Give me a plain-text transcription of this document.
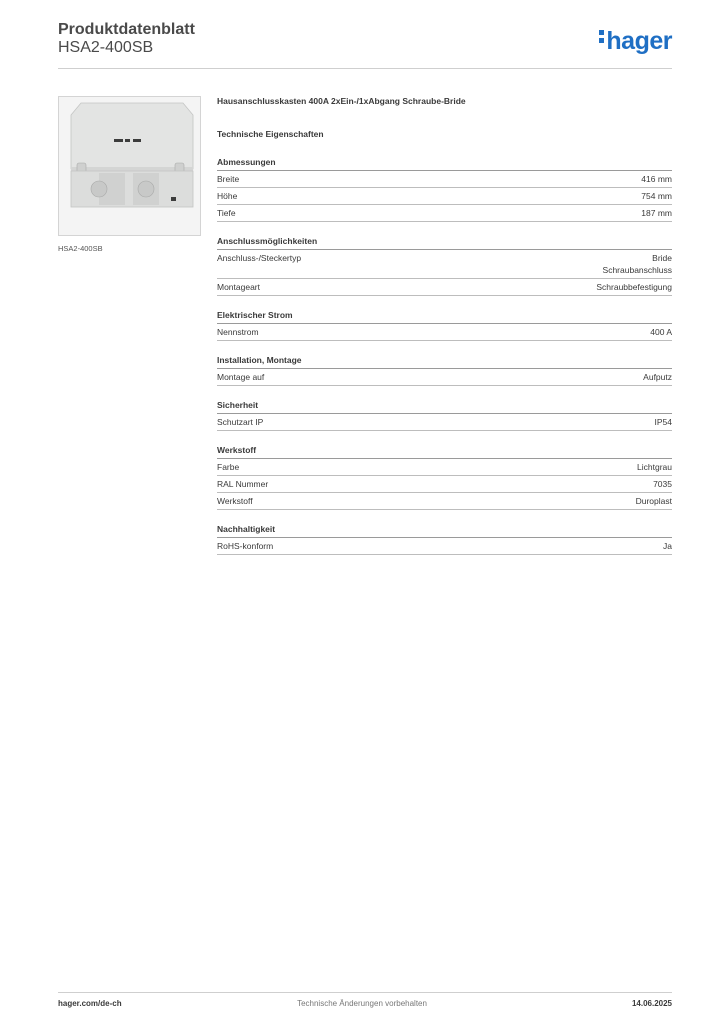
Produktdatenblatt
HSA2-400SB	hager
HSA2-400SB
Hausanschlusskasten 400A 2xEin-/1xAbgang Schraube-Bride
Technische Eigenschaften
Abmessungen
Breite	416 mm
Höhe	754 mm
Tiefe	187 mm
Anschlussmöglichkeiten
Anschluss-/Steckertyp	Bride
Schraubanschluss
Montageart	Schraubbefestigung
Elektrischer Strom
Nennstrom	400 A
Installation, Montage
Montage auf	Aufputz
Sicherheit
Schutzart IP	IP54
Werkstoff
Farbe	Lichtgrau
RAL Nummer	7035
Werkstoff	Duroplast
Nachhaltigkeit
RoHS-konform	Ja
hager.com/de-ch	Technische Änderungen vorbehalten	14.06.2025
